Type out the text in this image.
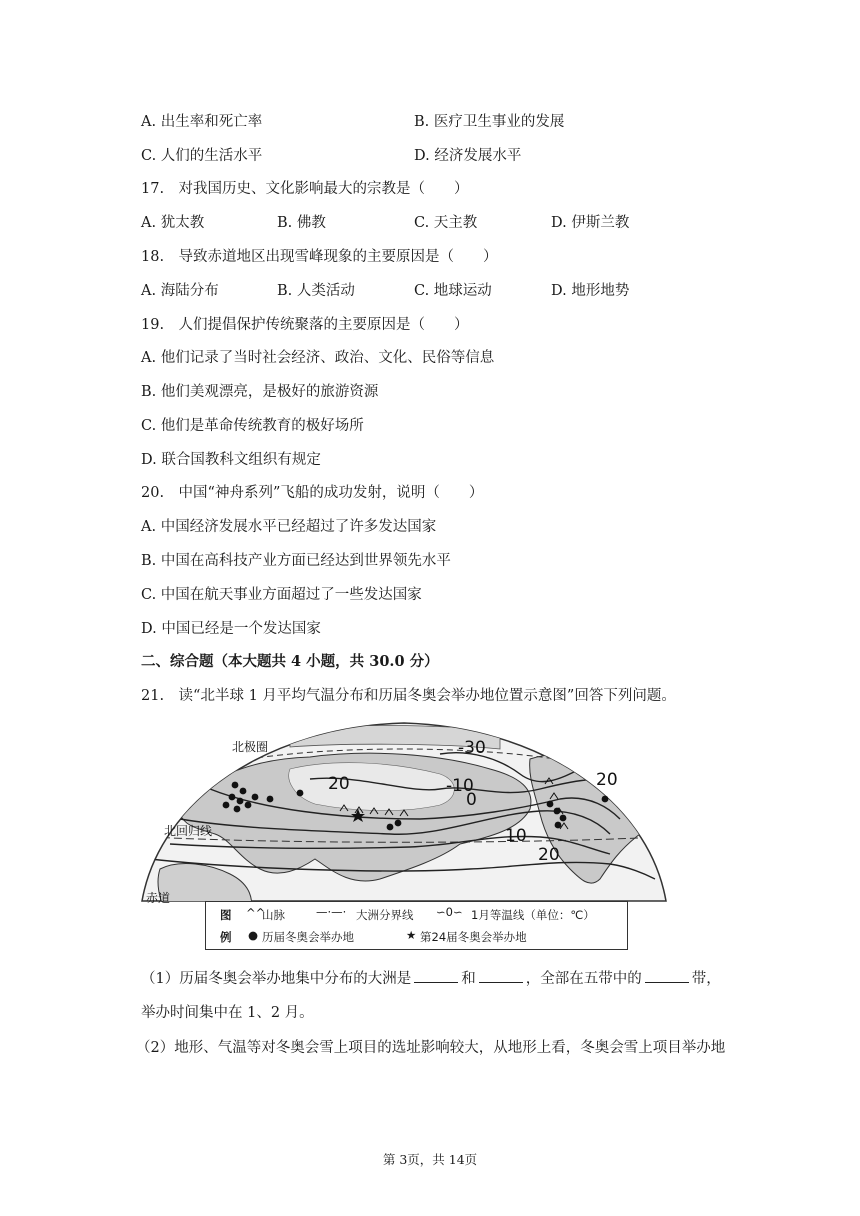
A. 出生率和死亡率	B. 医疗卫生事业的发展
C. 人们的生活水平	D. 经济发展水平
17.　对我国历史、文化影响最大的宗教是（　　）
A. 犹太教	B. 佛教	C. 天主教	D. 伊斯兰教
18.　导致赤道地区出现雪峰现象的主要原因是（　　）
A. 海陆分布	B. 人类活动	C. 地球运动	D. 地形地势
19.　人们提倡保护传统聚落的主要原因是（　　）
A. 他们记录了当时社会经济、政治、文化、民俗等信息
B. 他们美观漂亮，是极好的旅游资源
C. 他们是革命传统教育的极好场所
D. 联合国教科文组织有规定
20.　中国“神舟系列”飞船的成功发射，说明（　　）
A. 中国经济发展水平已经超过了许多发达国家
B. 中国在高科技产业方面已经达到世界领先水平
C. 中国在航天事业方面超过了一些发达国家
D. 中国已经是一个发达国家
二、综合题（本大题共 4 小题，共 30.0 分）
21.　读“北半球 1 月平均气温分布和历届冬奥会举办地位置示意图”回答下列问题。
北极圈
北回归线
赤道
-30
20	-10
0
10
20
20
图
例
^^
山脉	—·—· 大洲分界线 ∽0∽ 1月等温线（单位：℃）
● 历届冬奥会举办地	★ 第24届冬奥会举办地
（1）历届冬奥会举办地集中分布的大洲是	和	，全部在五带中的	带，
举办时间集中在 1、2 月。
（2）地形、气温等对冬奥会雪上项目的选址影响较大，从地形上看，冬奥会雪上项目举办地
第 3页，共 14页
